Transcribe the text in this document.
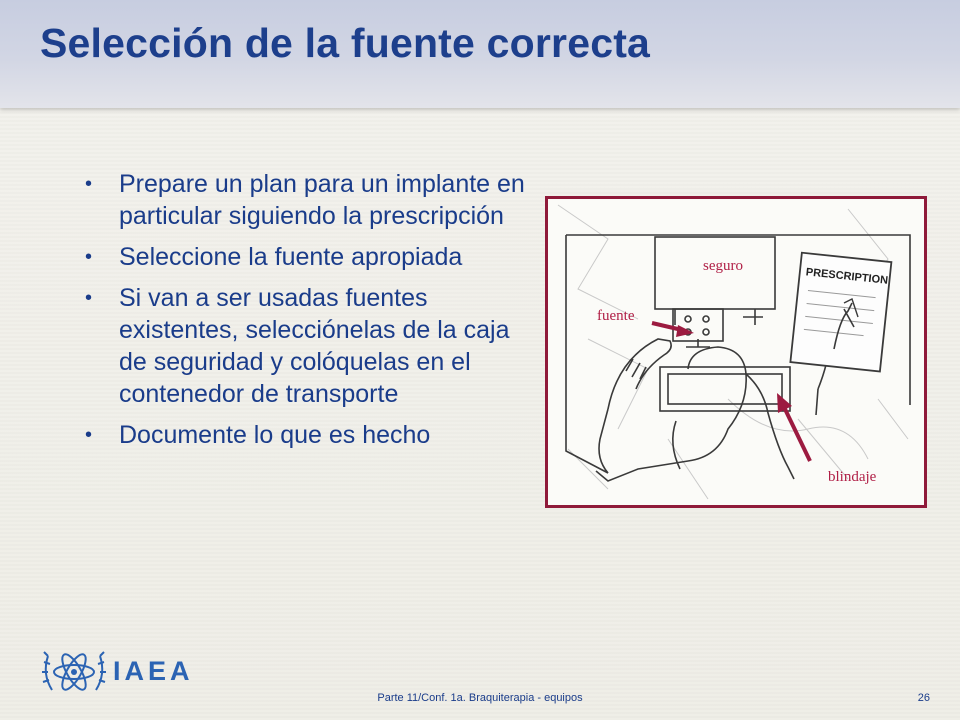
Selección de la fuente correcta
• Prepare un plan para un implante en particular siguiendo la prescripción
• Seleccione la fuente apropiada
• Si van a ser usadas fuentes existentes, selecciónelas de la caja de seguridad y colóquelas en el contenedor de transporte
• Documente lo que es hecho
PRESCRIPTION
seguro
fuente
blindaje
IAEA
Parte 11/Conf. 1a. Braquiterapia - equipos	26
